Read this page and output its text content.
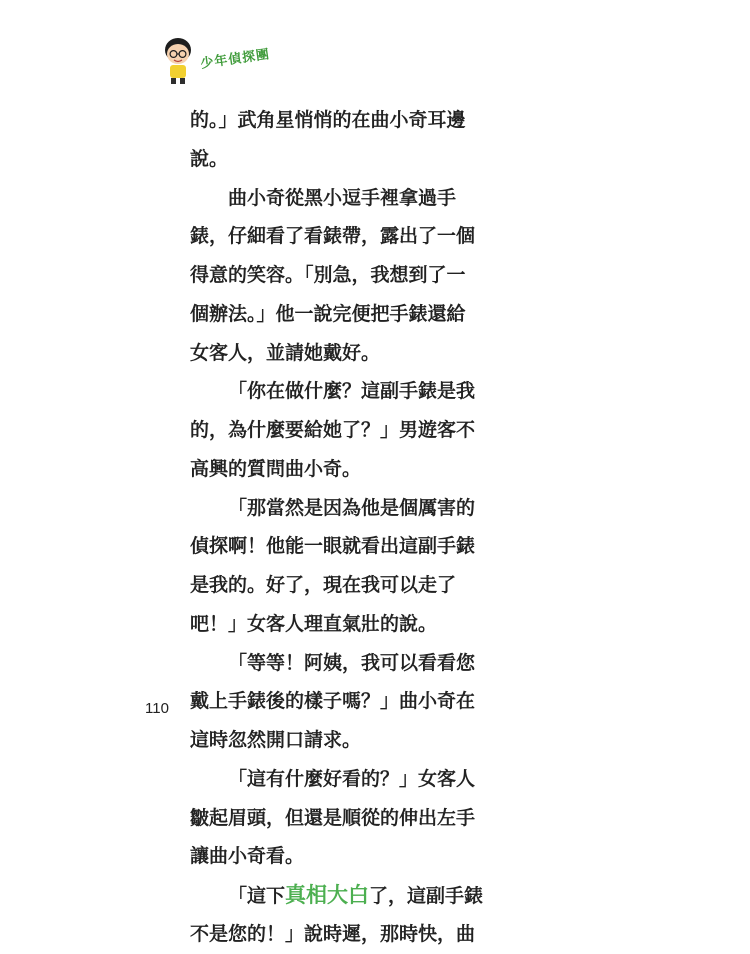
少年偵探團
的。」武角星悄悄的在曲小奇耳邊
說。
曲小奇從黑小逗手裡拿過手
錶，仔細看了看錶帶，露出了一個
得意的笑容。「別急，我想到了一
個辦法。」他一說完便把手錶還給
女客人，並請她戴好。
「你在做什麼？這副手錶是我
的，為什麼要給她了？」男遊客不
高興的質問曲小奇。
「那當然是因為他是個厲害的
偵探啊！他能一眼就看出這副手錶
是我的。好了，現在我可以走了
吧！」女客人理直氣壯的說。
「等等！阿姨，我可以看看您
戴上手錶後的樣子嗎？」曲小奇在
這時忽然開口請求。
「這有什麼好看的？」女客人
皺起眉頭，但還是順從的伸出左手
讓曲小奇看。
「這下真相大白了，這副手錶
不是您的！」說時遲，那時快，曲
110
